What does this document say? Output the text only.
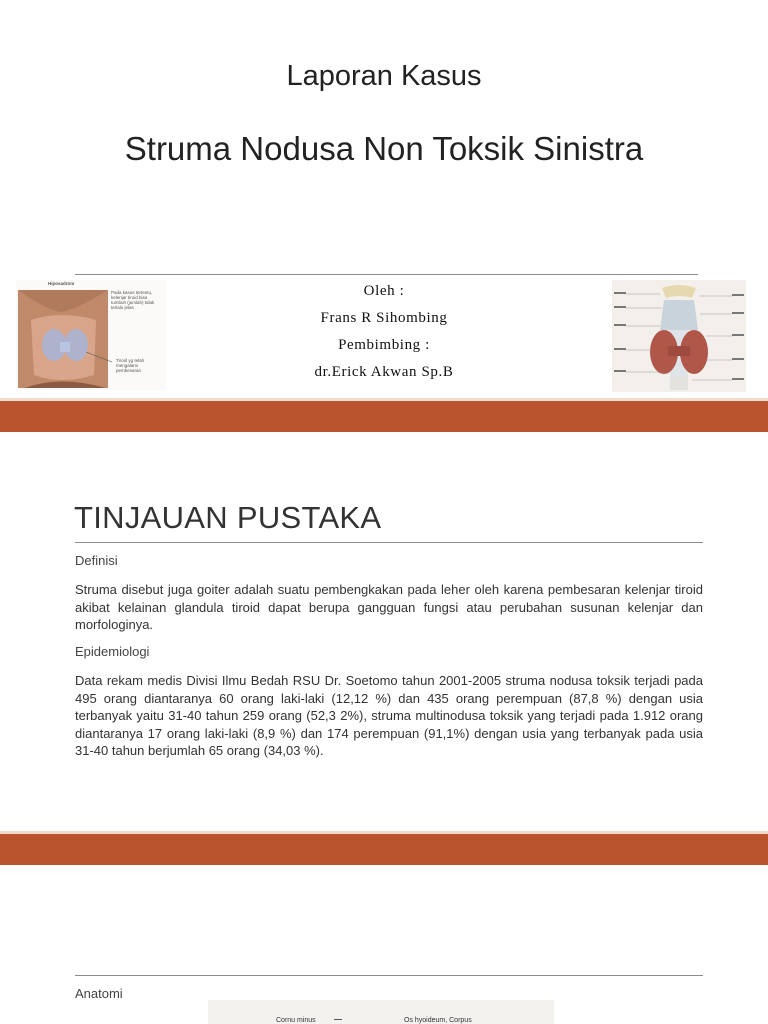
Laporan Kasus
Struma Nodusa Non Toksik Sinistra
Hiposadrom
Pada kasus tertentu, kelenjar tiroid bisa tumbuh (jumlah) tidak terlalu jelas
Tiroid yg telah mengalami pembesaran
Oleh :
Frans R Sihombing
Pembimbing :
dr.Erick Akwan Sp.B
TINJAUAN PUSTAKA
Definisi
Struma disebut juga goiter adalah suatu pembengkakan pada leher oleh karena pembesaran kelenjar tiroid akibat kelainan glandula tiroid dapat berupa gangguan fungsi atau perubahan susunan kelenjar dan morfologinya.
Epidemiologi
Data rekam medis Divisi Ilmu Bedah RSU Dr. Soetomo tahun 2001-2005 struma nodusa toksik terjadi pada 495 orang diantaranya 60 orang laki-laki (12,12 %) dan 435 orang perempuan (87,8 %) dengan usia terbanyak yaitu 31-40 tahun 259 orang (52,3 2%), struma multinodusa toksik yang terjadi pada 1.912 orang diantaranya 17 orang laki-laki (8,9 %) dan 174 perempuan (91,1%) dengan usia yang terbanyak pada usia 31-40 tahun berjumlah 65 orang (34,03 %).
Anatomi
Cornu minus	Os hyoideum, Corpus
